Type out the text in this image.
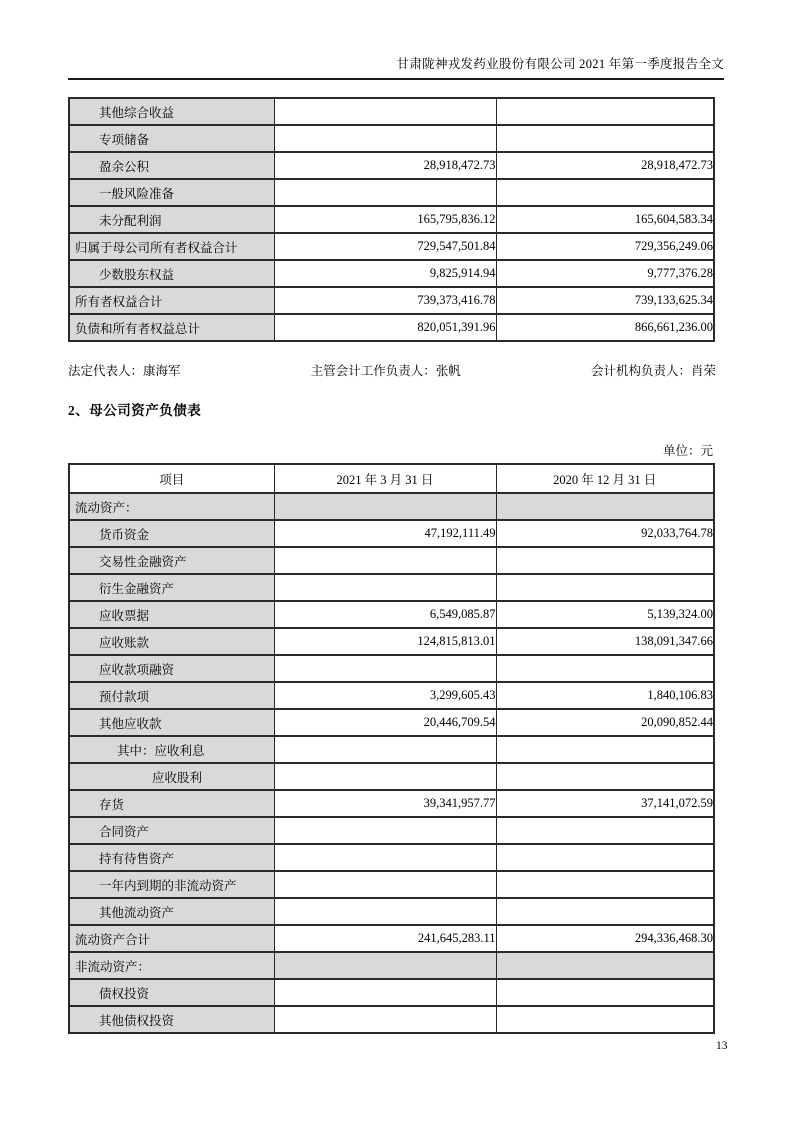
甘肃陇神戎发药业股份有限公司 2021 年第一季度报告全文
其他综合收益		
专项储备		
盈余公积	28,918,472.73	28,918,472.73
一般风险准备		
未分配利润	165,795,836.12	165,604,583.34
归属于母公司所有者权益合计	729,547,501.84	729,356,249.06
少数股东权益	9,825,914.94	9,777,376.28
所有者权益合计	739,373,416.78	739,133,625.34
负债和所有者权益总计	820,051,391.96	866,661,236.00
法定代表人：康海军	主管会计工作负责人：张帆	会计机构负责人：肖荣
2、母公司资产负债表
单位：元
项目	2021 年 3 月 31 日	2020 年 12 月 31 日
流动资产：		
货币资金	47,192,111.49	92,033,764.78
交易性金融资产		
衍生金融资产		
应收票据	6,549,085.87	5,139,324.00
应收账款	124,815,813.01	138,091,347.66
应收款项融资		
预付款项	3,299,605.43	1,840,106.83
其他应收款	20,446,709.54	20,090,852.44
其中：应收利息		
应收股利		
存货	39,341,957.77	37,141,072.59
合同资产		
持有待售资产		
一年内到期的非流动资产		
其他流动资产		
流动资产合计	241,645,283.11	294,336,468.30
非流动资产：		
债权投资		
其他债权投资		
13
